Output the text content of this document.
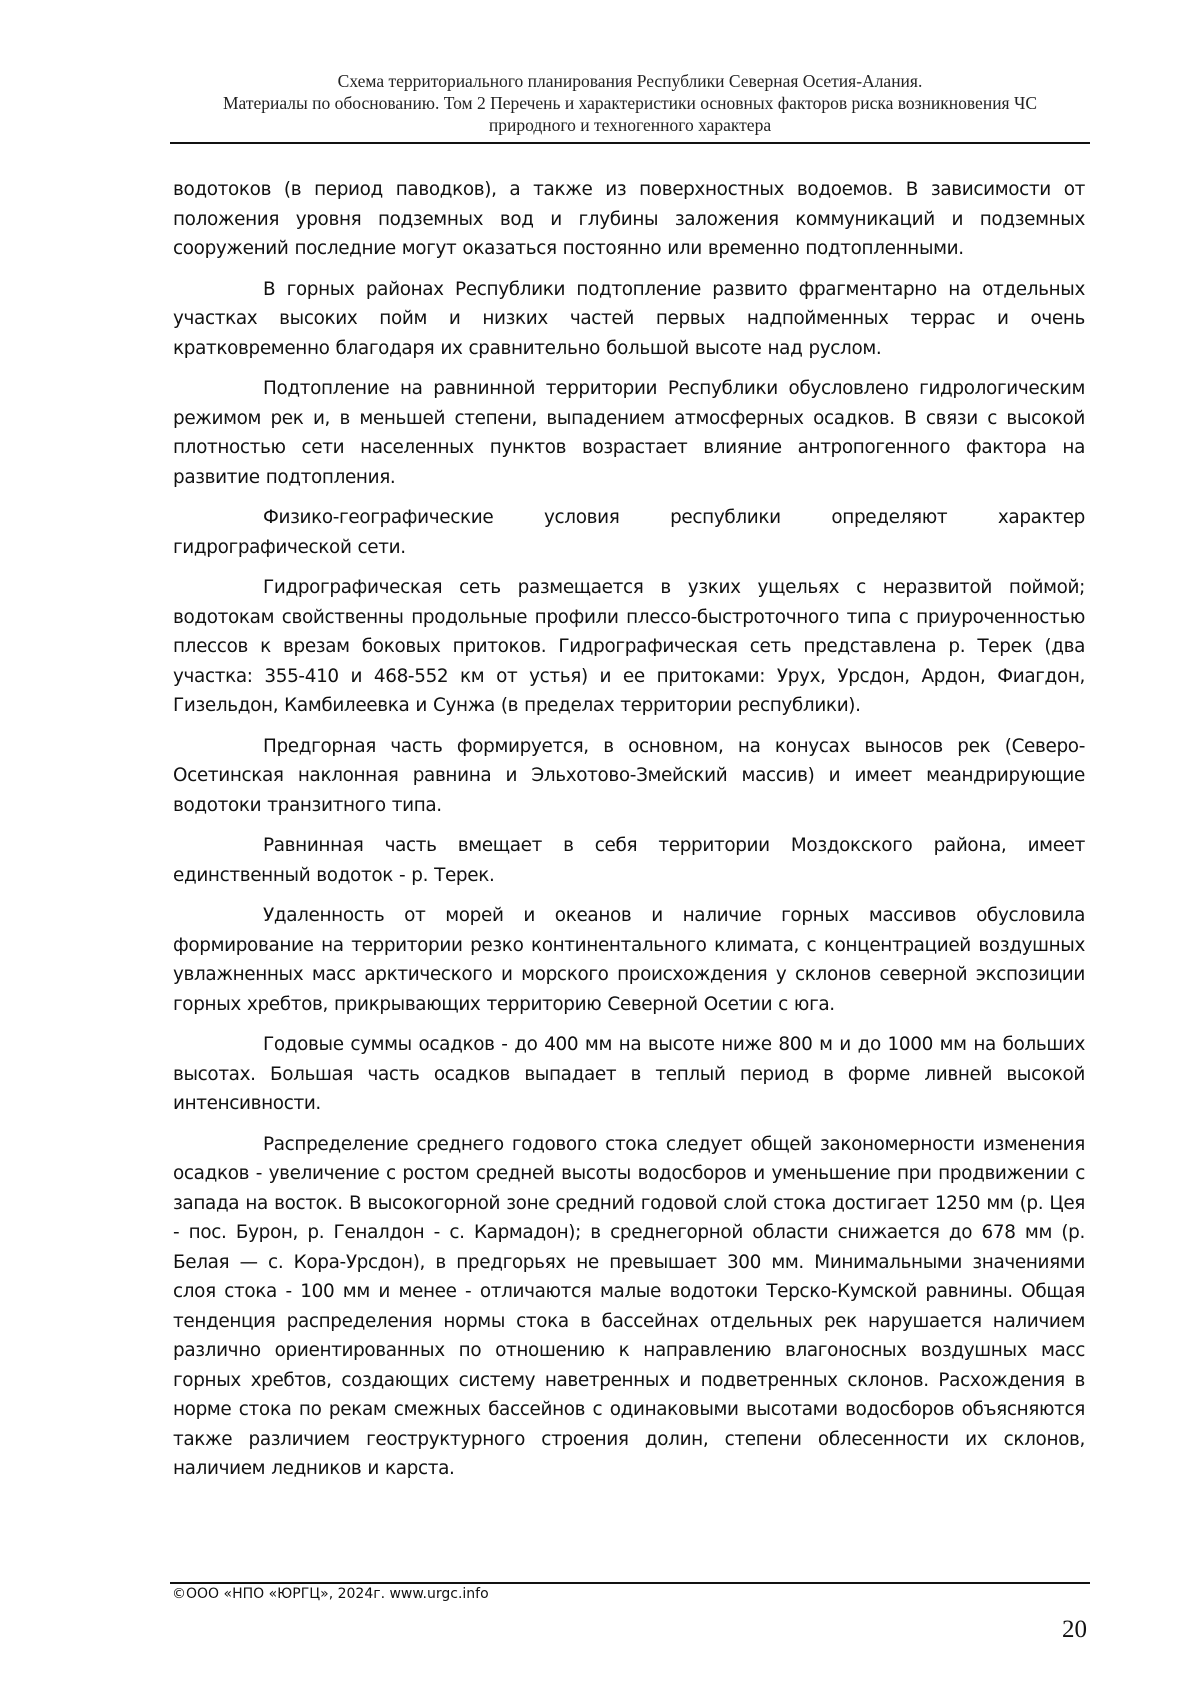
Схема территориального планирования Республики Северная Осетия-Алания.
Материалы по обоснованию. Том 2 Перечень и характеристики основных факторов риска возникновения ЧС
природного и техногенного характера

водотоков (в период паводков), а также из поверхностных водоемов. В зависимости от положения уровня подземных вод и глубины заложения коммуникаций и подземных сооружений последние могут оказаться постоянно или временно подтопленными.

В горных районах Республики подтопление развито фрагментарно на отдельных участках высоких пойм и низких частей первых надпойменных террас и очень кратковременно благодаря их сравнительно большой высоте над руслом.

Подтопление на равнинной территории Республики обусловлено гидрологическим режимом рек и, в меньшей степени, выпадением атмосферных осадков. В связи с высокой плотностью сети населенных пунктов возрастает влияние антропогенного фактора на развитие подтопления.

Физико-географические условия республики определяют характер гидрографической сети.

Гидрографическая сеть размещается в узких ущельях с неразвитой поймой; водотокам свойственны продольные профили плессо-быстроточного типа с приуроченностью плессов к врезам боковых притоков. Гидрографическая сеть представлена р. Терек (два участка: 355-410 и 468-552 км от устья) и ее притоками: Урух, Урсдон, Ардон, Фиагдон, Гизельдон, Камбилеевка и Сунжа (в пределах территории республики).

Предгорная часть формируется, в основном, на конусах выносов рек (Северо-Осетинская наклонная равнина и Эльхотово-Змейский массив) и имеет меандрирующие водотоки транзитного типа.

Равнинная часть вмещает в себя территории Моздокского района, имеет единственный водоток - р. Терек.

Удаленность от морей и океанов и наличие горных массивов обусловила формирование на территории резко континентального климата, с концентрацией воздушных увлажненных масс арктического и морского происхождения у склонов северной экспозиции горных хребтов, прикрывающих территорию Северной Осетии с юга.

Годовые суммы осадков - до 400 мм на высоте ниже 800 м и до 1000 мм на больших высотах. Большая часть осадков выпадает в теплый период в форме ливней высокой интенсивности.

Распределение среднего годового стока следует общей закономерности изменения осадков - увеличение с ростом средней высоты водосборов и уменьшение при продвижении с запада на восток. В высокогорной зоне средний годовой слой стока достигает 1250 мм (р. Цея - пос. Бурон, р. Геналдон - с. Кармадон); в среднегорной области снижается до 678 мм (р. Белая — с. Кора-Урсдон), в предгорьях не превышает 300 мм. Минимальными значениями слоя стока - 100 мм и менее - отличаются малые водотоки Терско-Кумской равнины. Общая тенденция распределения нормы стока в бассейнах отдельных рек нарушается наличием различно ориентированных по отношению к направлению влагоносных воздушных масс горных хребтов, создающих систему наветренных и подветренных склонов. Расхождения в норме стока по рекам смежных бассейнов с одинаковыми высотами водосборов объясняются также различием геоструктурного строения долин, степени облесенности их склонов, наличием ледников и карста.

©ООО «НПО «ЮРГЦ», 2024г. www.urgc.info
20
